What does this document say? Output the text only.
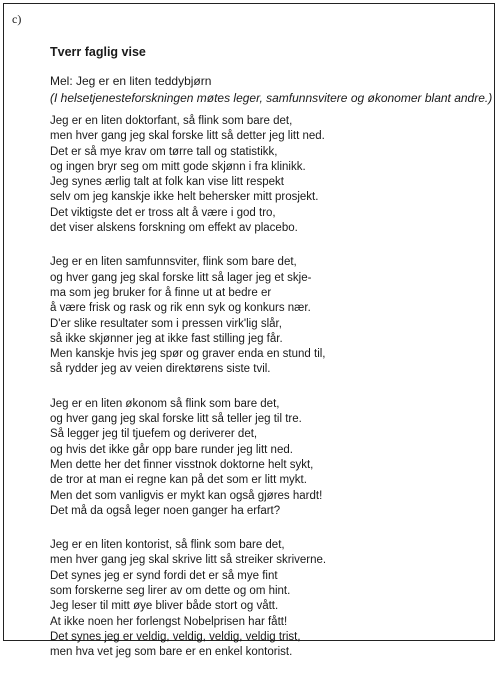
c)
Tverr faglig vise

Mel: Jeg er en liten teddybjørn

(I helsetjenesteforskningen møtes leger, samfunnsvitere og økonomer blant andre.)

Jeg er en liten doktorfant, så flink som bare det,
men hver gang jeg skal forske litt så detter jeg litt ned.
Det er så mye krav om tørre tall og statistikk,
og ingen bryr seg om mitt gode skjønn i fra klinikk.
Jeg synes ærlig talt at folk kan vise litt respekt
selv om jeg kanskje ikke helt behersker mitt prosjekt.
Det viktigste det er tross alt å være i god tro,
det viser alskens forskning om effekt av placebo.
Jeg er en liten samfunnsviter, flink som bare det,
og hver gang jeg skal forske litt så lager jeg et skje-
ma som jeg bruker for å finne ut at bedre er
å være frisk og rask og rik enn syk og konkurs nær.
D'er slike resultater som i pressen virk'lig slår,
så ikke skjønner jeg at ikke fast stilling jeg får.
Men kanskje hvis jeg spør og graver enda en stund til,
så rydder jeg av veien direktørens siste tvil.
Jeg er en liten økonom så flink som bare det,
og hver gang jeg skal forske litt så teller jeg til tre.
Så legger jeg til tjuefem og deriverer det,
og hvis det ikke går opp bare runder jeg litt ned.
Men dette her det finner visstnok doktorne helt sykt,
de tror at man ei regne kan på det som er litt mykt.
Men det som vanligvis er mykt kan også gjøres hardt!
Det må da også leger noen ganger ha erfart?
Jeg er en liten kontorist, så flink som bare det,
men hver gang jeg skal skrive litt så streiker skriverne.
Det synes jeg er synd fordi det er så mye fint
som forskerne seg lirer av om dette og om hint.
Jeg leser til mitt øye bliver både stort og vått.
At ikke noen her forlengst Nobelprisen har fått!
Det synes jeg er veldig, veldig, veldig, veldig trist,
men hva vet jeg som bare er en enkel kontorist.
